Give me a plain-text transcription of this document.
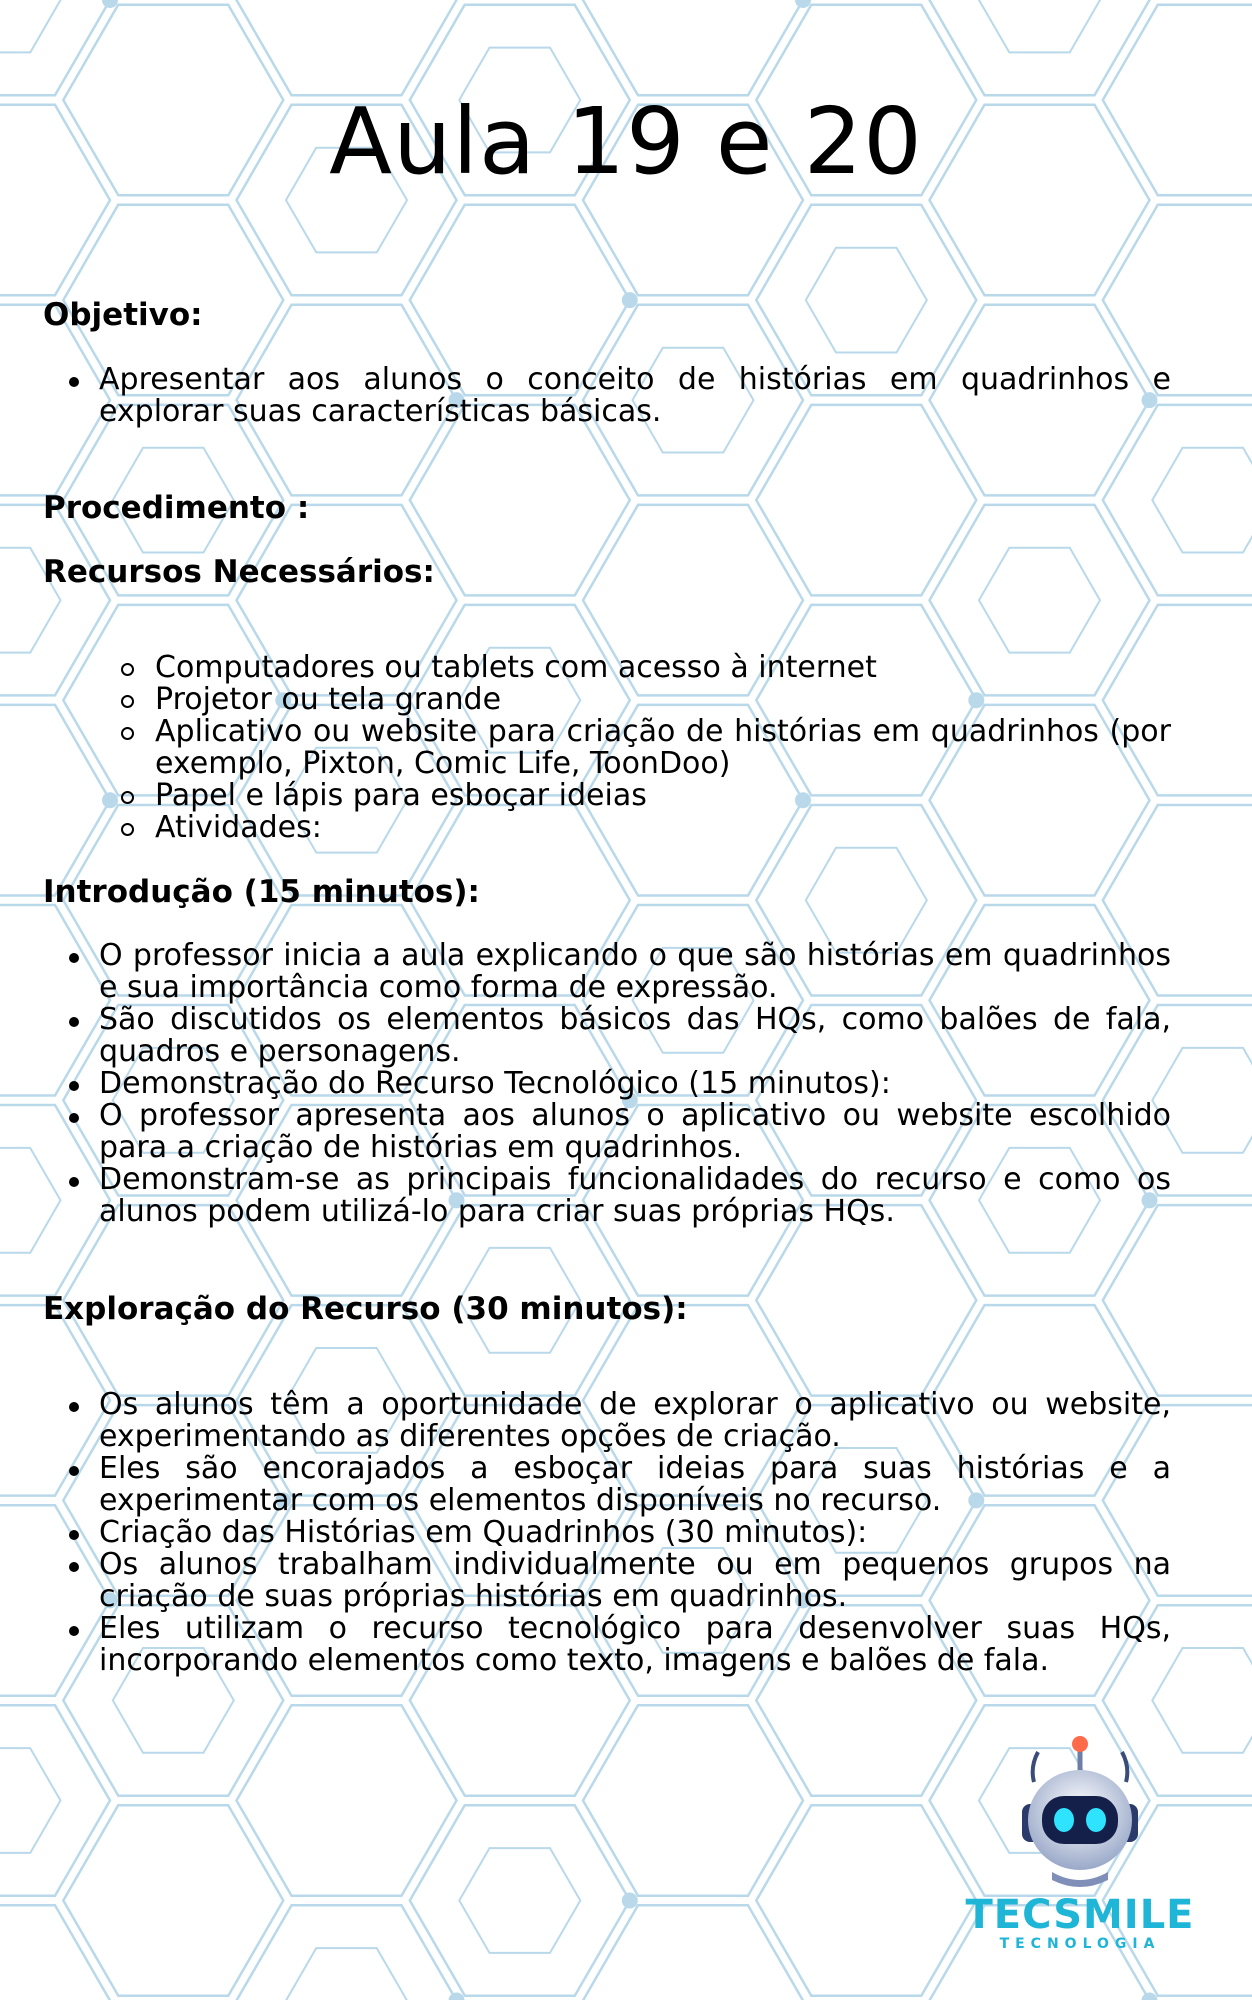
Aula 19 e 20
Objetivo:
Apresentar aos alunos o conceito de histórias em quadrinhos e explorar suas características básicas.
Procedimento :
Recursos Necessários:
Computadores ou tablets com acesso à internet
Projetor ou tela grande
Aplicativo ou website para criação de histórias em quadrinhos (por exemplo, Pixton, Comic Life, ToonDoo)
Papel e lápis para esboçar ideias
Atividades:
Introdução (15 minutos):
O professor inicia a aula explicando o que são histórias em quadrinhos e sua importância como forma de expressão.
São discutidos os elementos básicos das HQs, como balões de fala, quadros e personagens.
Demonstração do Recurso Tecnológico (15 minutos):
O professor apresenta aos alunos o aplicativo ou website escolhido para a criação de histórias em quadrinhos.
Demonstram-se as principais funcionalidades do recurso e como os alunos podem utilizá-lo para criar suas próprias HQs.
Exploração do Recurso (30 minutos):
Os alunos têm a oportunidade de explorar o aplicativo ou website, experimentando as diferentes opções de criação.
Eles são encorajados a esboçar ideias para suas histórias e a experimentar com os elementos disponíveis no recurso.
Criação das Histórias em Quadrinhos (30 minutos):
Os alunos trabalham individualmente ou em pequenos grupos na criação de suas próprias histórias em quadrinhos.
Eles utilizam o recurso tecnológico para desenvolver suas HQs, incorporando elementos como texto, imagens e balões de fala.
TECSMILE
TECNOLOGIA
